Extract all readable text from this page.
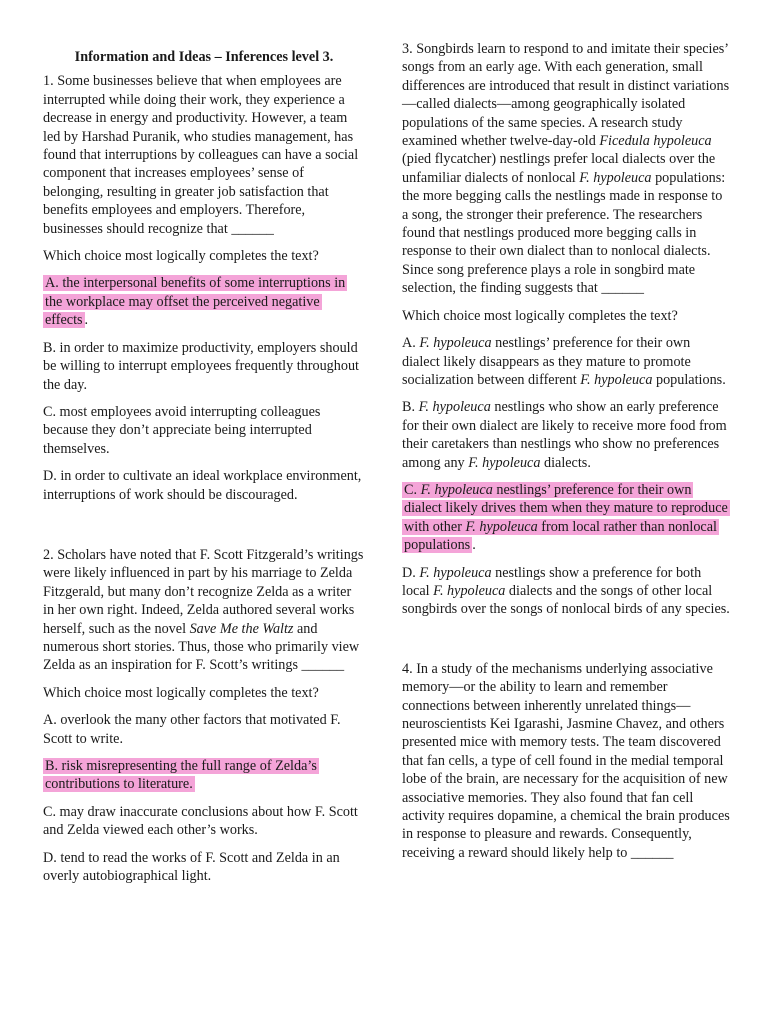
Information and Ideas – Inferences level 3.

1. Some businesses believe that when employees are interrupted while doing their work, they experience a decrease in energy and productivity. However, a team led by Harshad Puranik, who studies management, has found that interruptions by colleagues can have a social component that increases employees’ sense of belonging, resulting in greater job satisfaction that benefits employees and employers. Therefore, businesses should recognize that ______

Which choice most logically completes the text?

A. the interpersonal benefits of some interruptions in the workplace may offset the perceived negative effects .

B. in order to maximize productivity, employers should be willing to interrupt employees frequently throughout the day.

C. most employees avoid interrupting colleagues because they don’t appreciate being interrupted themselves.

D. in order to cultivate an ideal workplace environment, interruptions of work should be discouraged.

2. Scholars have noted that F. Scott Fitzgerald’s writings were likely influenced in part by his marriage to Zelda Fitzgerald, but many don’t recognize Zelda as a writer in her own right. Indeed, Zelda authored several works herself, such as the novel Save Me the Waltz and numerous short stories. Thus, those who primarily view Zelda as an inspiration for F. Scott’s writings ______

Which choice most logically completes the text?

A. overlook the many other factors that motivated F. Scott to write.

B. risk misrepresenting the full range of Zelda’s contributions to literature.

C. may draw inaccurate conclusions about how F. Scott and Zelda viewed each other’s works.

D. tend to read the works of F. Scott and Zelda in an overly autobiographical light.

3. Songbirds learn to respond to and imitate their species’ songs from an early age. With each generation, small differences are introduced that result in distinct variations—called dialects—among geographically isolated populations of the same species. A research study examined whether twelve-day-old Ficedula hypoleuca (pied flycatcher) nestlings prefer local dialects over the unfamiliar dialects of nonlocal F. hypoleuca populations: the more begging calls the nestlings made in response to a song, the stronger their preference. The researchers found that nestlings produced more begging calls in response to their own dialect than to nonlocal dialects. Since song preference plays a role in songbird mate selection, the finding suggests that ______

Which choice most logically completes the text?

A. F. hypoleuca nestlings’ preference for their own dialect likely disappears as they mature to promote socialization between different F. hypoleuca populations.

B. F. hypoleuca nestlings who show an early preference for their own dialect are likely to receive more food from their caretakers than nestlings who show no preferences among any F. hypoleuca dialects.

C. F. hypoleuca nestlings’ preference for their own dialect likely drives them when they mature to reproduce with other F. hypoleuca from local rather than nonlocal populations .

D. F. hypoleuca nestlings show a preference for both local F. hypoleuca dialects and the songs of other local songbirds over the songs of nonlocal birds of any species.

4. In a study of the mechanisms underlying associative memory—or the ability to learn and remember connections between inherently unrelated things—neuroscientists Kei Igarashi, Jasmine Chavez, and others presented mice with memory tests. The team discovered that fan cells, a type of cell found in the medial temporal lobe of the brain, are necessary for the acquisition of new associative memories. They also found that fan cell activity requires dopamine, a chemical the brain produces in response to pleasure and rewards. Consequently, receiving a reward should likely help to ______
